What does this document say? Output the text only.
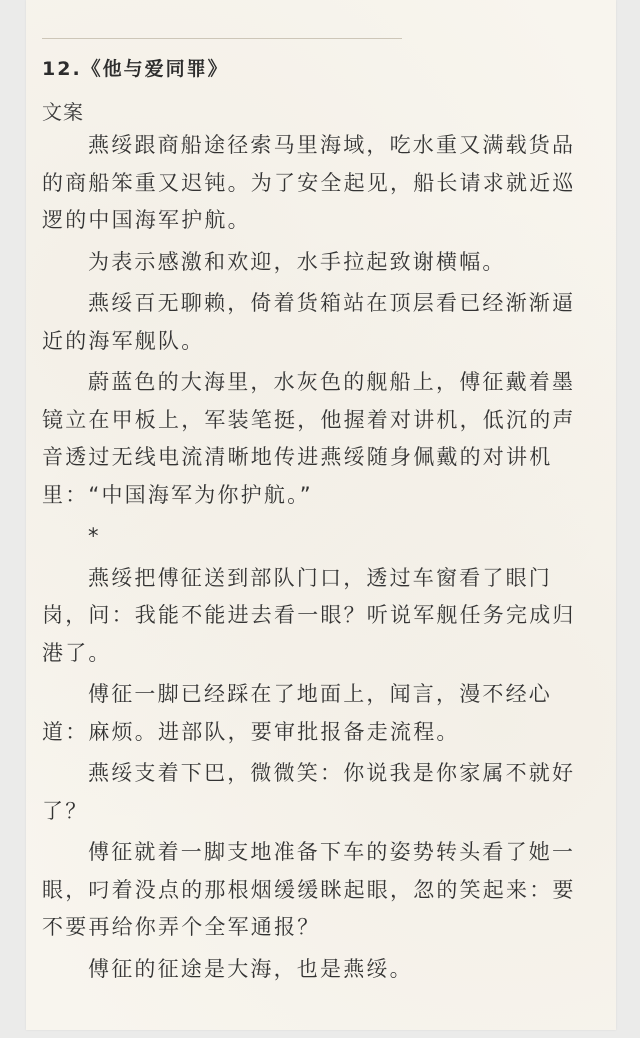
12.《他与爱同罪》
文案

燕绥跟商船途径索马里海域，吃水重又满载货品的商船笨重又迟钝。为了安全起见，船长请求就近巡逻的中国海军护航。

为表示感激和欢迎，水手拉起致谢横幅。

燕绥百无聊赖，倚着货箱站在顶层看已经渐渐逼近的海军舰队。

蔚蓝色的大海里，水灰色的舰船上，傅征戴着墨镜立在甲板上，军装笔挺，他握着对讲机，低沉的声音透过无线电流清晰地传进燕绥随身佩戴的对讲机里：“中国海军为你护航。”

*

燕绥把傅征送到部队门口，透过车窗看了眼门岗，问：我能不能进去看一眼？听说军舰任务完成归港了。

傅征一脚已经踩在了地面上，闻言，漫不经心道：麻烦。进部队，要审批报备走流程。

燕绥支着下巴，微微笑：你说我是你家属不就好了？

傅征就着一脚支地准备下车的姿势转头看了她一眼，叼着没点的那根烟缓缓眯起眼，忽的笑起来：要不要再给你弄个全军通报？

傅征的征途是大海，也是燕绥。
